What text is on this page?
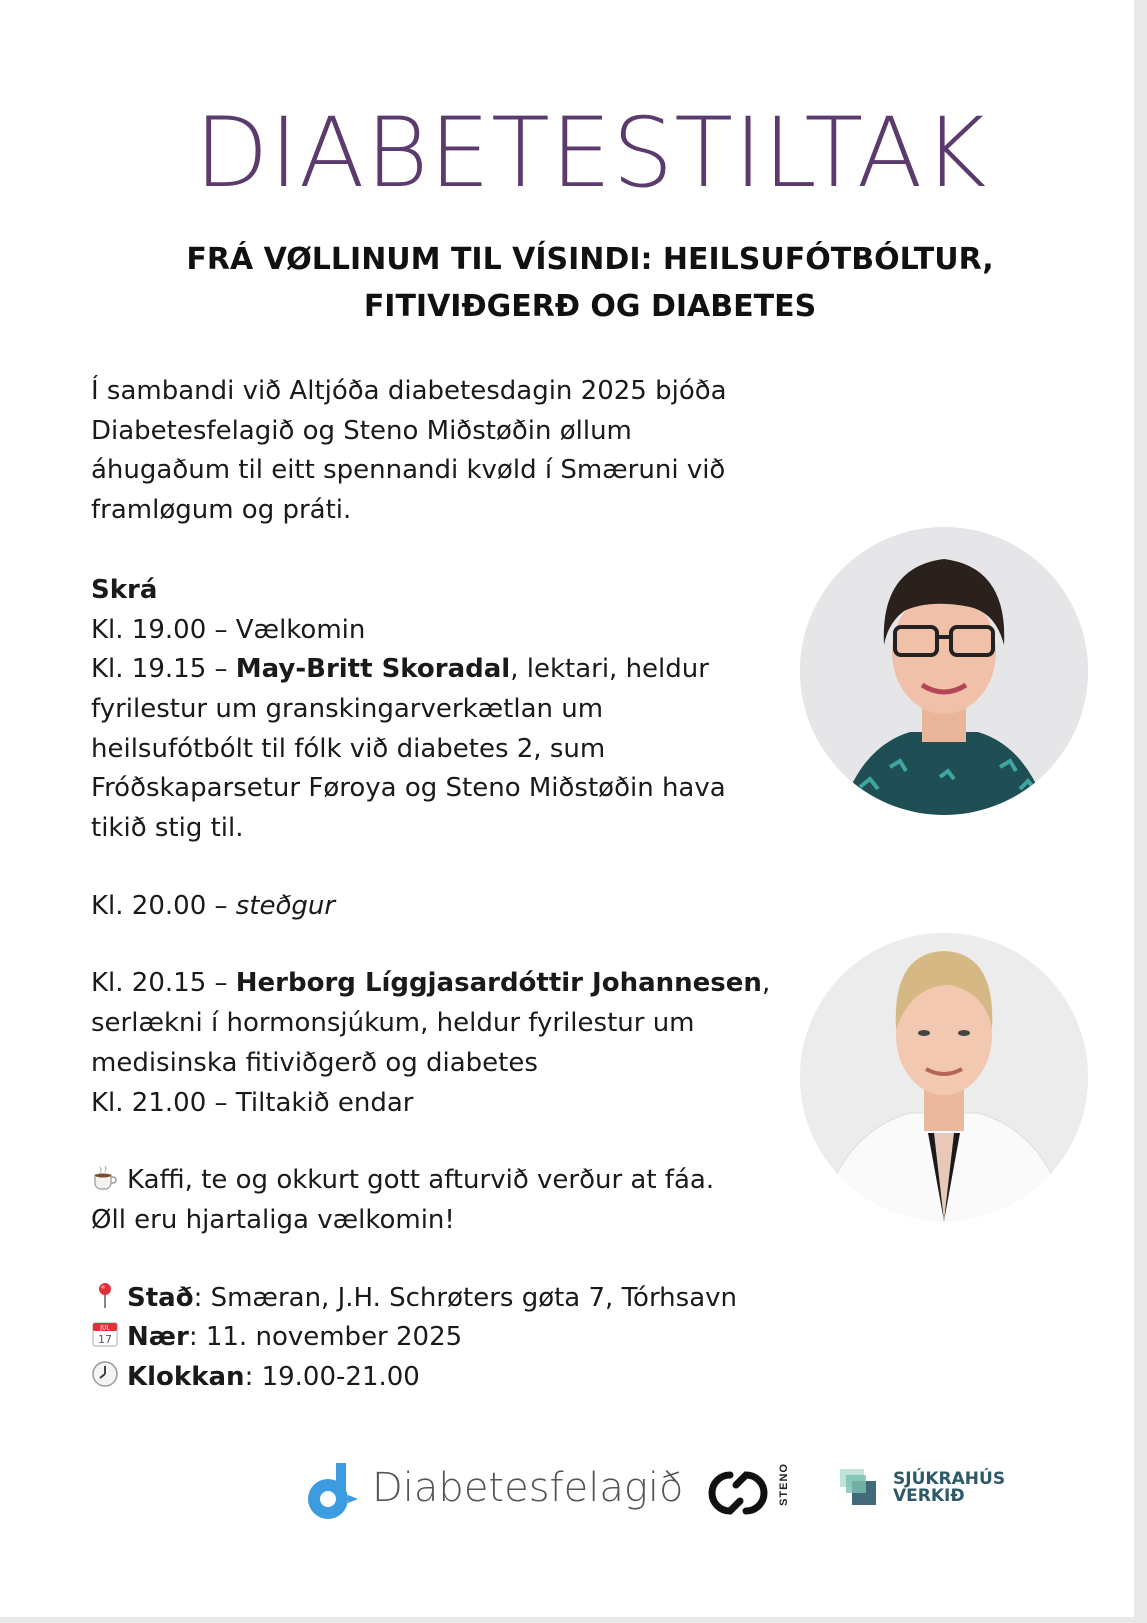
DIABETESTILTAK
FRÁ VØLLINUM TIL VÍSINDI: HEILSUFÓTBÓLTUR,
FITIVIÐGERÐ OG DIABETES

Í sambandi við Altjóða diabetesdagin 2025 bjóða

Diabetesfelagið og Steno Miðstøðin øllum

áhugaðum til eitt spennandi kvøld í Smæruni við

framløgum og práti.

Skrá

Kl. 19.00 – Vælkomin

Kl. 19.15 – May-Britt Skoradal, lektari, heldur

fyrilestur um granskingarverkætlan um

heilsufótbólt til fólk við diabetes 2, sum

Fróðskaparsetur Føroya og Steno Miðstøðin hava

tikið stig til.

Kl. 20.00 – steðgur

Kl. 20.15 – Herborg Líggjasardóttir Johannesen,

serlækni í hormonsjúkum, heldur fyrilestur um

medisinska fitiviðgerð og diabetes

Kl. 21.00 – Tiltakið endar

Kaffi, te og okkurt gott afturvið verður at fáa.

Øll eru hjartaliga vælkomin!

Stað: Smæran, J.H. Schrøters gøta 7, Tórhsavn

JUL
17 Nær: 11. november 2025

Klokkan: 19.00-21.00

Diabetesfelagið	STENO	SJÚKRAHÚS
VERKIÐ
